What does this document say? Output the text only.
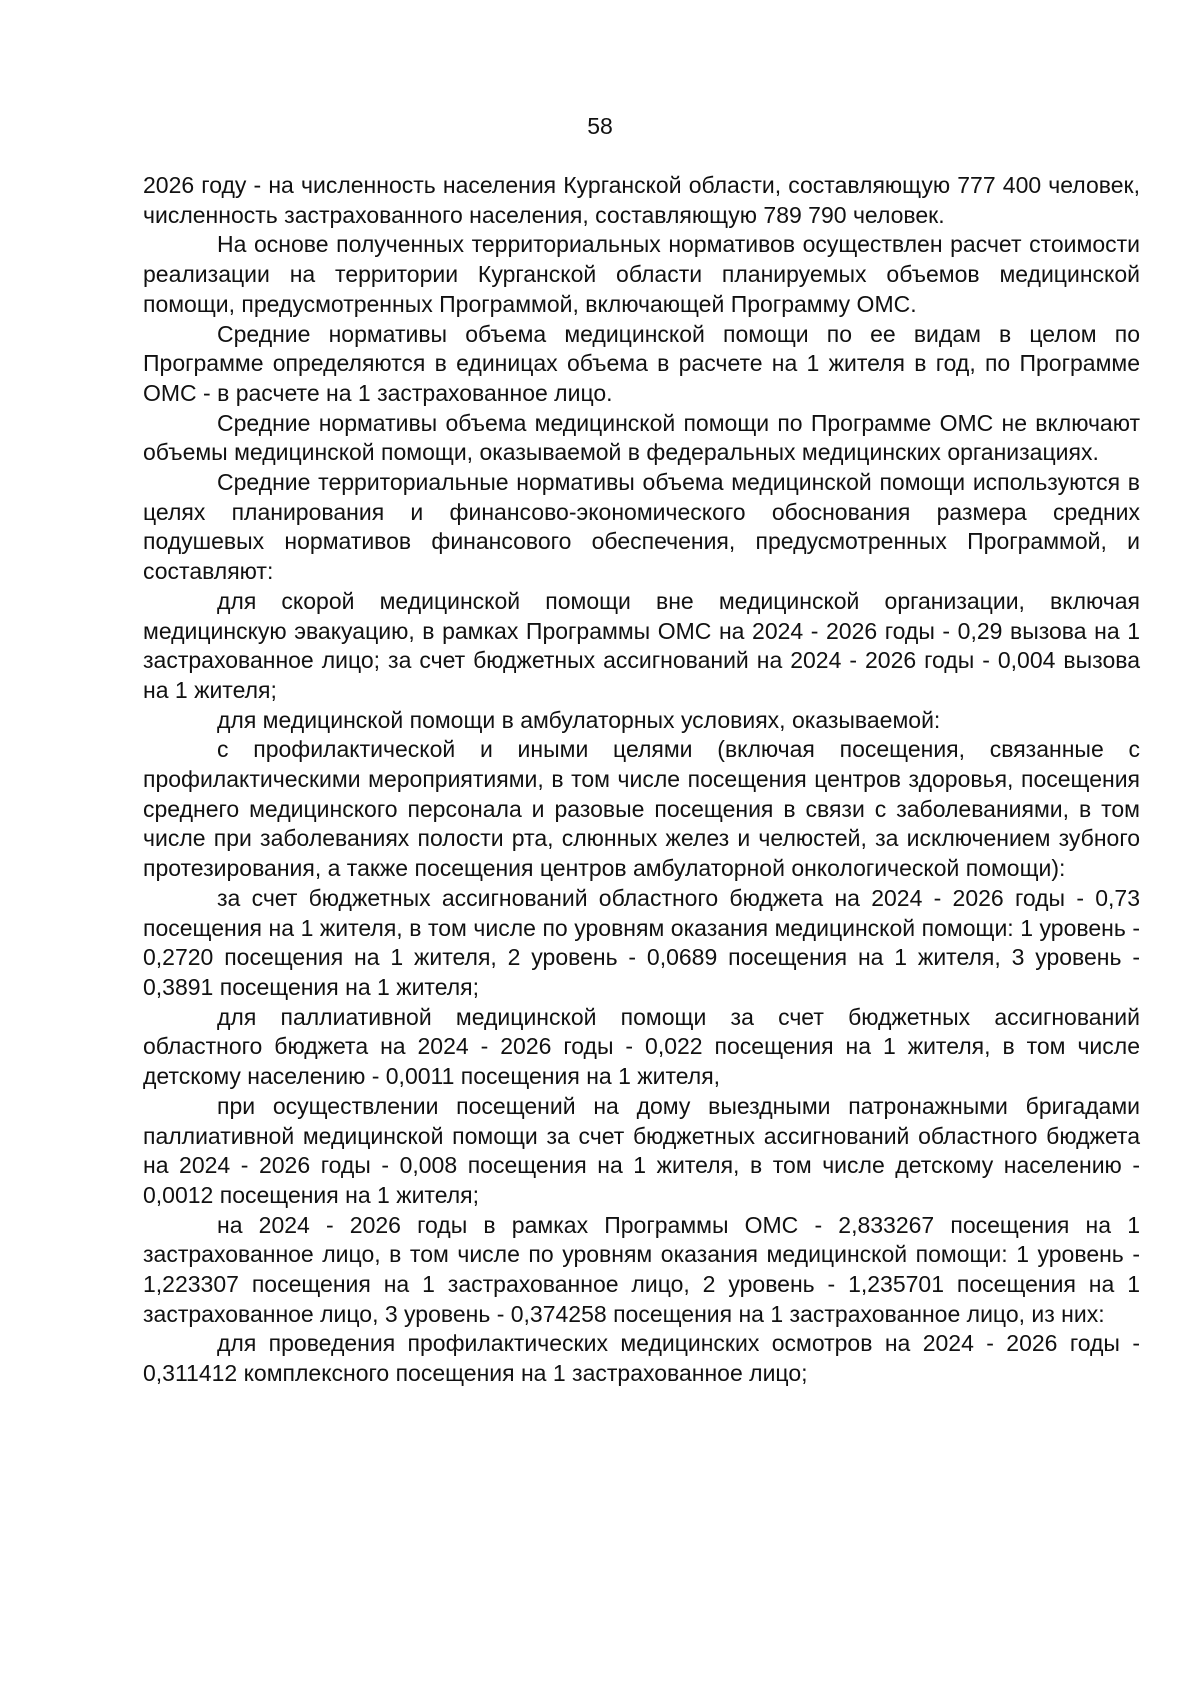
58

2026 году - на численность населения Курганской области, составляющую 777 400 человек, численность застрахованного населения, составляющую 789 790 человек.

На основе полученных территориальных нормативов осуществлен расчет стоимости реализации на территории Курганской области планируемых объемов медицинской помощи, предусмотренных Программой, включающей Программу ОМС.

Средние нормативы объема медицинской помощи по ее видам в целом по Программе определяются в единицах объема в расчете на 1 жителя в год, по Программе ОМС - в расчете на 1 застрахованное лицо.

Средние нормативы объема медицинской помощи по Программе ОМС не включают объемы медицинской помощи, оказываемой в федеральных медицинских организациях.

Средние территориальные нормативы объема медицинской помощи используются в целях планирования и финансово-экономического обоснования размера средних подушевых нормативов финансового обеспечения, предусмотренных Программой, и составляют:

для скорой медицинской помощи вне медицинской организации, включая медицинскую эвакуацию, в рамках Программы ОМС на 2024 - 2026 годы - 0,29 вызова на 1 застрахованное лицо; за счет бюджетных ассигнований на 2024 - 2026 годы - 0,004 вызова на 1 жителя;

для медицинской помощи в амбулаторных условиях, оказываемой:

с профилактической и иными целями (включая посещения, связанные с профилактическими мероприятиями, в том числе посещения центров здоровья, посещения среднего медицинского персонала и разовые посещения в связи с заболеваниями, в том числе при заболеваниях полости рта, слюнных желез и челюстей, за исключением зубного протезирования, а также посещения центров амбулаторной онкологической помощи):

за счет бюджетных ассигнований областного бюджета на 2024 - 2026 годы - 0,73 посещения на 1 жителя, в том числе по уровням оказания медицинской помощи: 1 уровень - 0,2720 посещения на 1 жителя, 2 уровень - 0,0689 посещения на 1 жителя, 3 уровень - 0,3891 посещения на 1 жителя;

для паллиативной медицинской помощи за счет бюджетных ассигнований областного бюджета на 2024 - 2026 годы - 0,022 посещения на 1 жителя, в том числе детскому населению - 0,0011 посещения на 1 жителя,

при осуществлении посещений на дому выездными патронажными бригадами паллиативной медицинской помощи за счет бюджетных ассигнований областного бюджета на 2024 - 2026 годы - 0,008 посещения на 1 жителя, в том числе детскому населению - 0,0012 посещения на 1 жителя;

на 2024 - 2026 годы в рамках Программы ОМС - 2,833267 посещения на 1 застрахованное лицо, в том числе по уровням оказания медицинской помощи: 1 уровень - 1,223307 посещения на 1 застрахованное лицо, 2 уровень - 1,235701 посещения на 1 застрахованное лицо, 3 уровень - 0,374258 посещения на 1 застрахованное лицо, из них:

для проведения профилактических медицинских осмотров на 2024 - 2026 годы - 0,311412 комплексного посещения на 1 застрахованное лицо;
